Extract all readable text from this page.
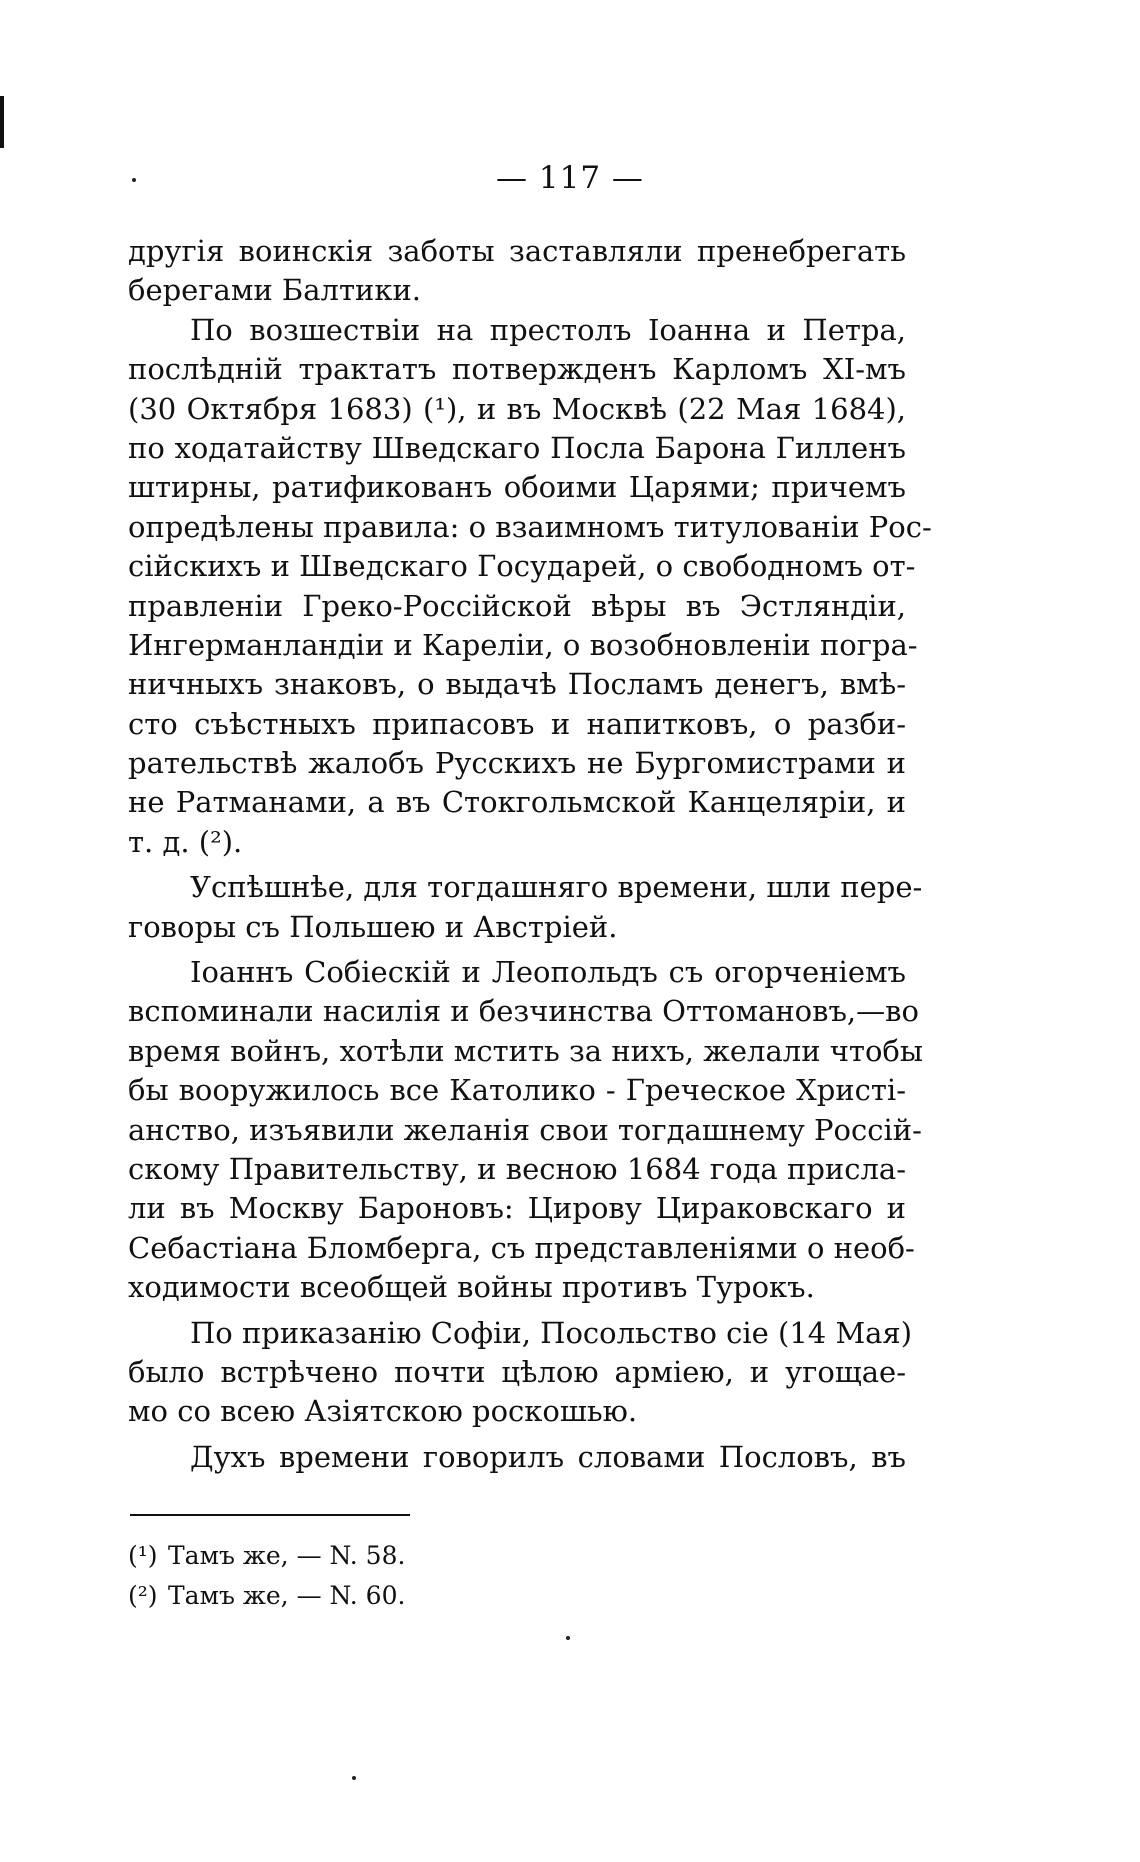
— 117 —
другія воинскія заботы заставляли пренебрегать
берегами Балтики.
По возшествіи на престолъ Іоанна и Петра,
послѣдній трактатъ потвержденъ Карломъ XI-мъ
(30 Октября 1683) (¹), и въ Москвѣ (22 Мая 1684),
по ходатайству Шведскаго Посла Барона Гилленъ
штирны, ратификованъ обоими Царями; причемъ
опредѣлены правила: о взаимномъ титулованіи Рос-
сійскихъ и Шведскаго Государей, о свободномъ от-
правленіи Греко-Россійской вѣры въ Эстляндіи,
Ингерманландіи и Кареліи, о возобновленіи погра-
ничныхъ знаковъ, о выдачѣ Посламъ денегъ, вмѣ-
сто съѣстныхъ припасовъ и напитковъ, о разби-
рательствѣ жалобъ Русскихъ не Бургомистрами и
не Ратманами, а въ Стокгольмской Канцеляріи, и
т. д. (²).
Успѣшнѣе, для тогдашняго времени, шли пере-
говоры съ Польшею и Австріей.
Іоаннъ Собіескій и Леопольдъ съ огорченіемъ
вспоминали насилія и безчинства Оттомановъ,—во
время войнъ, хотѣли мстить за нихъ, желали чтобы
бы вооружилось все Католико - Греческое Христі-
анство, изъявили желанія свои тогдашнему Россій-
скому Правительству, и весною 1684 года присла-
ли въ Москву Бароновъ: Цирову Цираковскаго и
Себастіана Бломберга, съ представленіями о необ-
ходимости всеобщей войны противъ Турокъ.
По приказанію Софіи, Посольство сіе (14 Мая)
было встрѣчено почти цѣлою арміею, и угощае-
мо со всею Азіятскою роскошью.
Духъ времени говорилъ словами Пословъ, въ
(¹) Тамъ же, — N. 58.
(²) Тамъ же, — N. 60.
